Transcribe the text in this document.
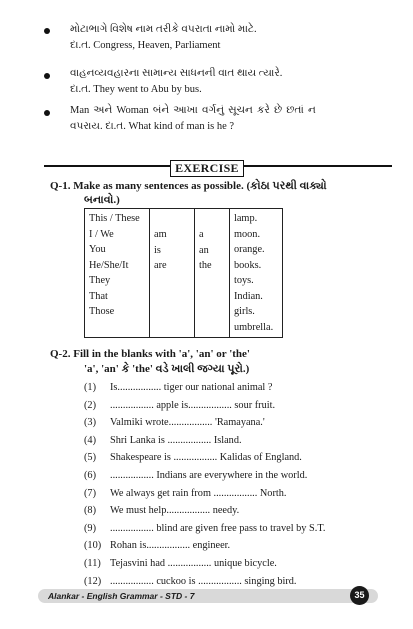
મોટાભાગે વિશેષ નામ તરીકે વપરાતા નામો માટે.
દા.ત. Congress, Heaven, Parliament
વાહનવ્યવહારના સામાન્ય સાધનની વાત થાય ત્યારે.
દા.ત. They went to Abu by bus.
Man અને Woman બંને આખા વર્ગનું સૂચન કરે છે છતાં ન
વપરાય. દા.ત. What kind of man is he ?
EXERCISE
Q-1. Make as many sentences as possible. (કોઠા પરથી વાક્યો
બનાવો.)
This / These
I / We
You
He/She/It
They
That
Those

am
is
are

a
an
the

lamp.
moon.
orange.
books.
toys.
Indian.
girls.
umbrella.
Q-2. Fill in the blanks with 'a', 'an' or 'the'
'a', 'an' કે 'the' વડે ખાલી જગ્યા પૂરો.)
(1) Is................. tiger our national animal ?
(2) ................. apple is................. sour fruit.
(3) Valmiki wrote................. 'Ramayana.'
(4) Shri Lanka is ................. Island.
(5) Shakespeare is ................. Kalidas of England.
(6) ................. Indians are everywhere in the world.
(7) We always get rain from ................. North.
(8) We must help................. needy.
(9) ................. blind are given free pass to travel by S.T.
(10) Rohan is................. engineer.
(11) Tejasvini had ................. unique bicycle.
(12) ................. cuckoo is ................. singing bird.
Alankar - English Grammar - STD - 7	35
